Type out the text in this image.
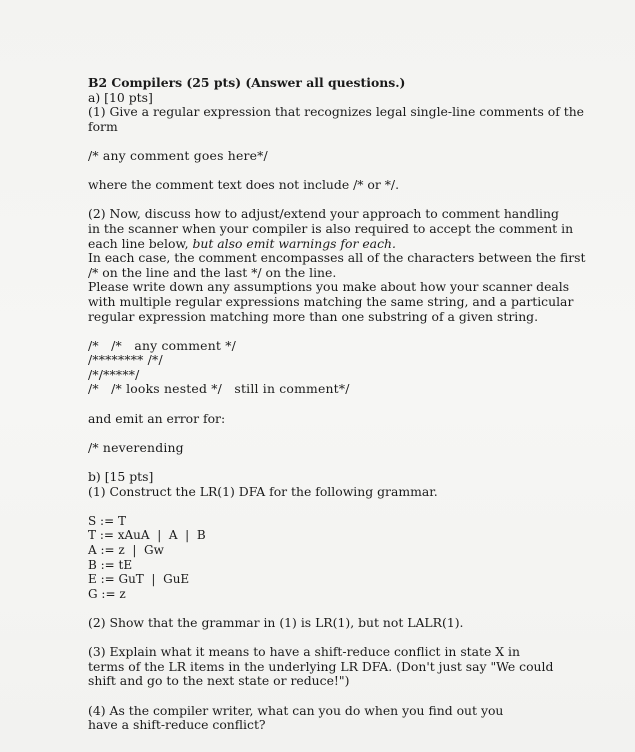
B2 Compilers (25 pts) (Answer all questions.)
a) [10 pts]
(1) Give a regular expression that recognizes legal single-line comments of the
form
/* any comment goes here*/
where the comment text does not include /* or */.
(2) Now, discuss how to adjust/extend your approach to comment handling
in the scanner when your compiler is also required to accept the comment in
each line below, but also emit warnings for each.
In each case, the comment encompasses all of the characters between the first
/* on the line and the last */ on the line.
Please write down any assumptions you make about how your scanner deals
with multiple regular expressions matching the same string, and a particular
regular expression matching more than one substring of a given string.
/*   /*   any comment */
/******** /*/
/*/*****/
/*   /* looks nested */   still in comment*/
and emit an error for:
/* neverending
b) [15 pts]
(1) Construct the LR(1) DFA for the following grammar.
S := T
T := xAuA  |  A  |  B
A := z  |  Gw
B := tE
E := GuT  |  GuE
G := z
(2) Show that the grammar in (1) is LR(1), but not LALR(1).
(3) Explain what it means to have a shift-reduce conflict in state X in
terms of the LR items in the underlying LR DFA. (Don't just say "We could
shift and go to the next state or reduce!")
(4) As the compiler writer, what can you do when you find out you
have a shift-reduce conflict?
